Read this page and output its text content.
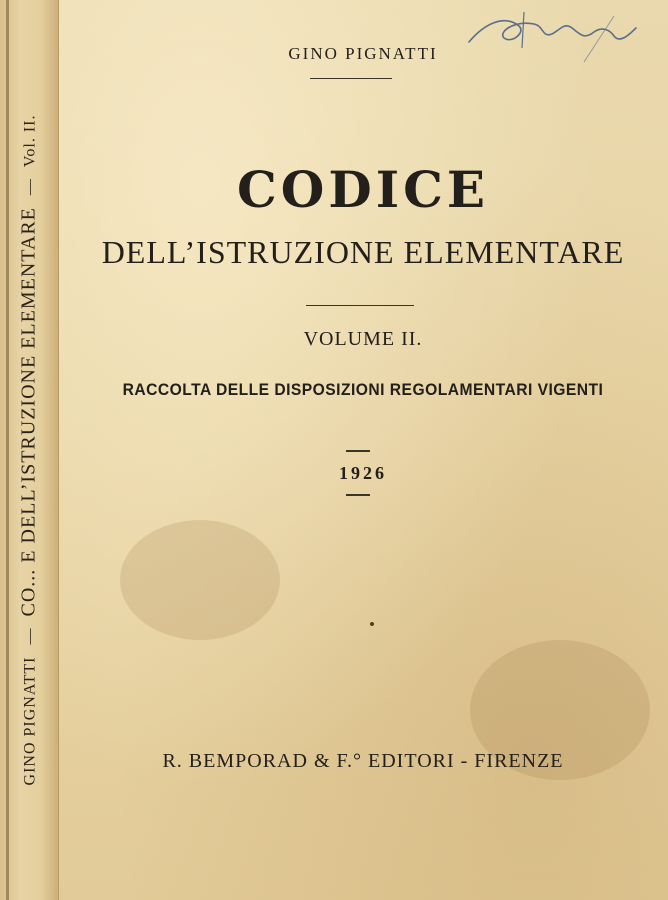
GINO PIGNATTI
—
CO... E DELL’ISTRUZIONE ELEMENTARE
—
Vol. II.
GINO PIGNATTI
CODICE
DELL’ISTRUZIONE ELEMENTARE
VOLUME II.
RACCOLTA DELLE DISPOSIZIONI REGOLAMENTARI VIGENTI
1926
R. BEMPORAD & F.° EDITORI - FIRENZE
